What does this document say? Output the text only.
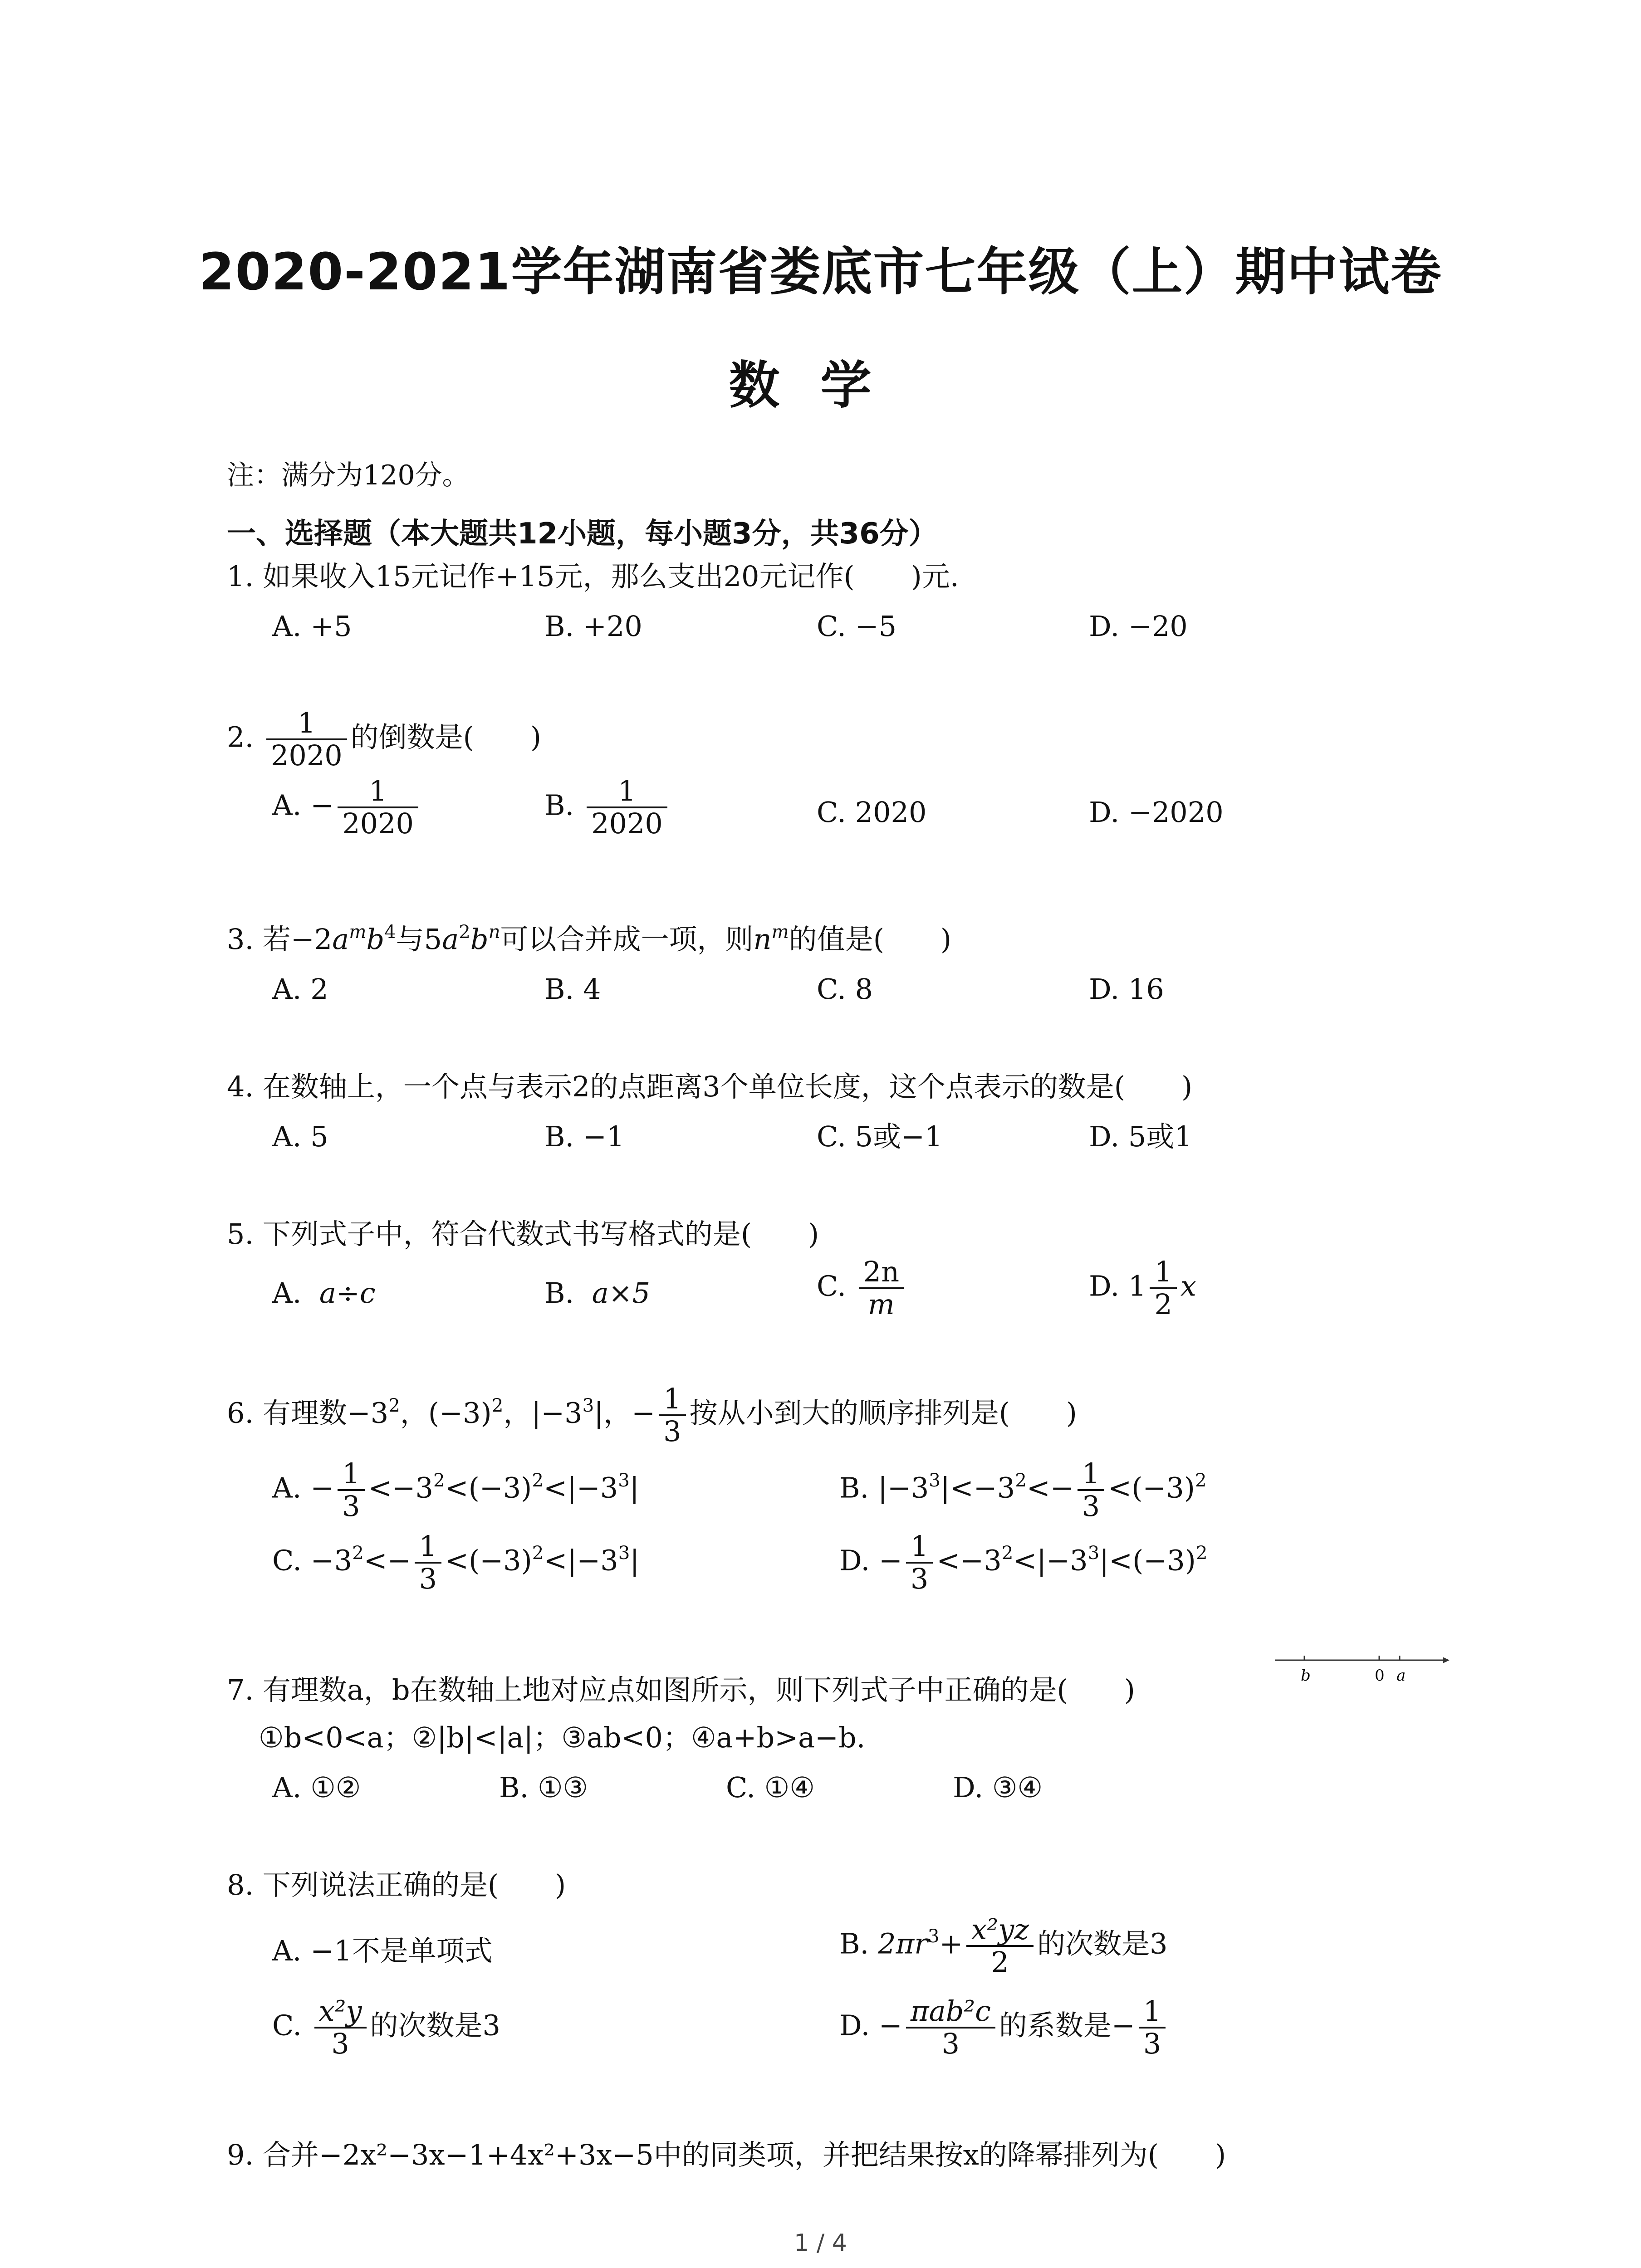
2020-2021学年湖南省娄底市七年级（上）期中试卷
数学
注：满分为120分。
一、选择题（本大题共12小题，每小题3分，共36分）
1. 如果收入15元记作+15元，那么支出20元记作(　　)元.
A. +5	B. +20	C. −5	D. −20
2. $\frac{1}{2020}$ 的倒数是(　　)
A. − $\frac{1}{2020}$	B. $\frac{1}{2020}$	C. 2020	D. −2020
3. 若$-2a^mb^4$与$5a^2b^n$可以合并成一项，则$n^m$的值是(　　)
A. 2	B. 4	C. 8	D. 16
4. 在数轴上，一个点与表示2的点距离3个单位长度，这个点表示的数是(　　)
A. 5	B. −1	C. 5或−1	D. 5或1
5. 下列式子中，符合代数式书写格式的是(　　)
A. a÷c	B. a×5	C. $\frac{2n}{m}$	D. $1 \frac{1}{2}$ x
6. 有理数$-3^2$，$(-3)^2$，$|-3^3|$，− $\frac{1}{3}$ 按从小到大的顺序排列是(　　)
A. − $\frac{1}{3} <-3^2<(-3)^2<|-3^3|$	B. $|-3^3|<-3^2<- \frac{1}{3} <(-3)^2$
C. $-3^2<- \frac{1}{3} <(-3)^2<|-3^3|$	D. − $\frac{1}{3} <-3^2<|-3^3|<(-3)^2$
7. 有理数a，b在数轴上地对应点如图所示，则下列式子中正确的是(　　)	b	0 a
①b<0<a；②|b|<|a|；③ab<0；④a+b>a−b.
A. ①②	B. ①③	C. ①④	D. ③④
8. 下列说法正确的是(　　)
A. −1不是单项式	B. $2\pi r^3+ \frac{\text{x²yz}}{2}$ 的次数是3
C. $\frac{\text{x²y}}{3}$ 的次数是3	D. − $\frac{\text{πab²c}}{3}$ 的系数是− $\frac{1}{3}$
9. 合并−2x²−3x−1+4x²+3x−5中的同类项，并把结果按x的降幂排列为(　　)
1 / 4
